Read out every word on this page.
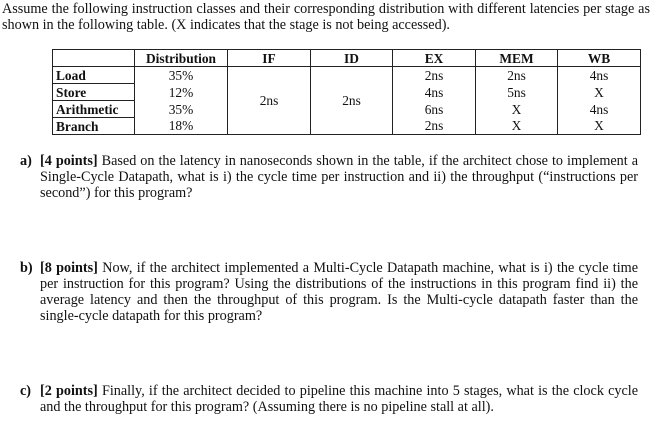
Assume the following instruction classes and their corresponding distribution with different latencies per stage as shown in the following table. (X indicates that the stage is not being accessed).
	Distribution	IF	ID	EX	MEM	WB
Load	35%	2ns	2ns	2ns	2ns	4ns
Store	12%			4ns	5ns	X
Arithmetic	35%			6ns	X	4ns
Branch	18%			2ns	X	X
a) [4 points] Based on the latency in nanoseconds shown in the table, if the architect chose to implement a Single-Cycle Datapath, what is i) the cycle time per instruction and ii) the throughput (“instructions per second”) for this program?
b) [8 points] Now, if the architect implemented a Multi-Cycle Datapath machine, what is i) the cycle time per instruction for this program? Using the distributions of the instructions in this program find ii) the average latency and then the throughput of this program. Is the Multi-cycle datapath faster than the single-cycle datapath for this program?
c) [2 points] Finally, if the architect decided to pipeline this machine into 5 stages, what is the clock cycle and the throughput for this program? (Assuming there is no pipeline stall at all).
